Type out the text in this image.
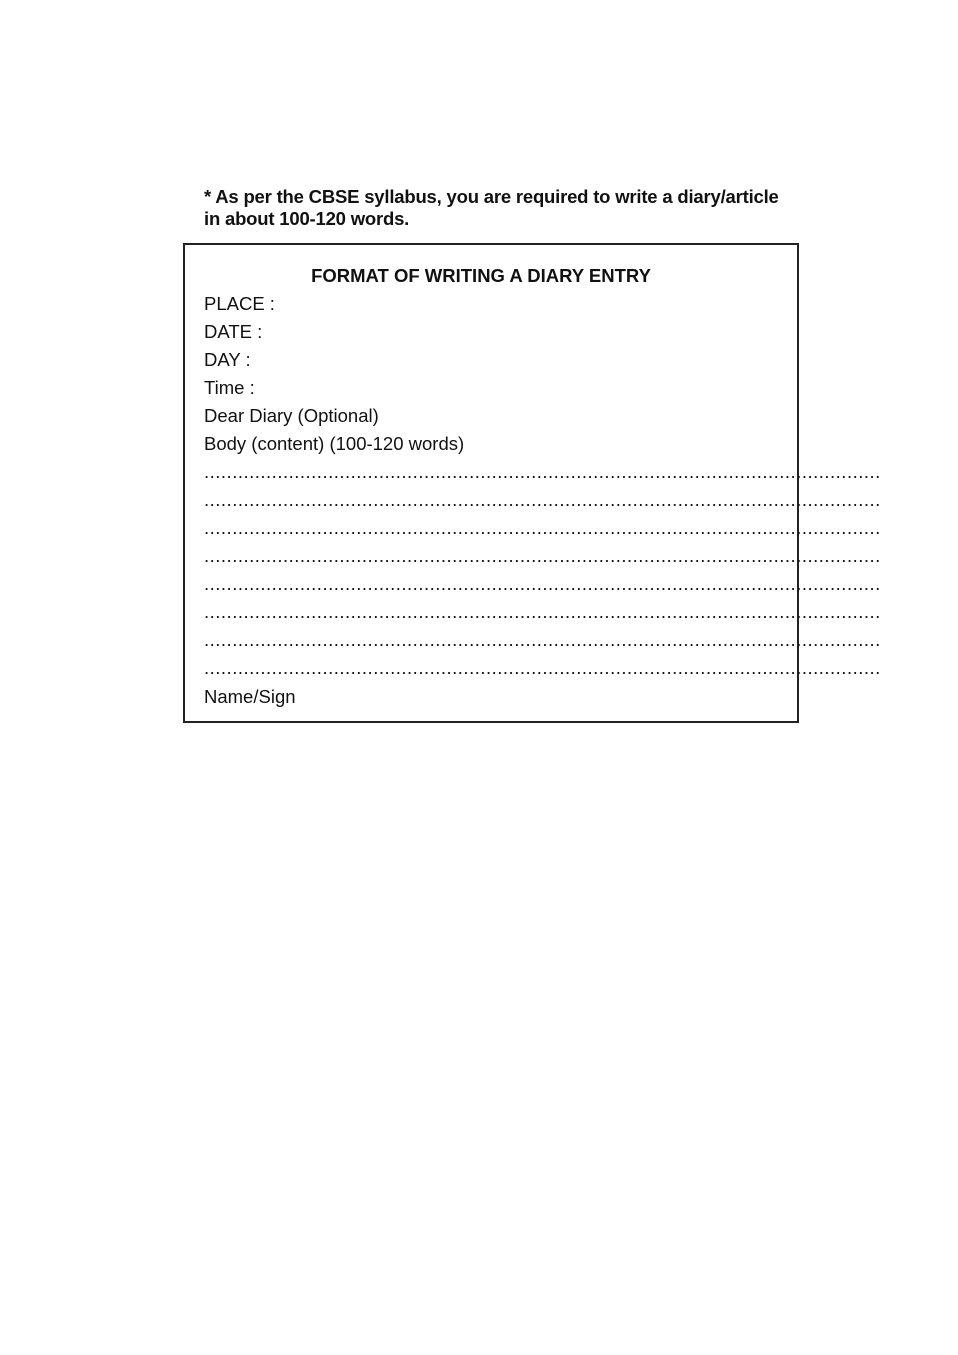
* As per the CBSE syllabus, you are required to write a diary/article

in about 100-120 words.

FORMAT OF WRITING A DIARY ENTRY
PLACE :
DATE :
DAY :
Time :
Dear Diary (Optional)
Body (content) (100-120 words)
........................................................................................................................
........................................................................................................................
........................................................................................................................
........................................................................................................................
........................................................................................................................
........................................................................................................................
........................................................................................................................
........................................................................................................................
Name/Sign
